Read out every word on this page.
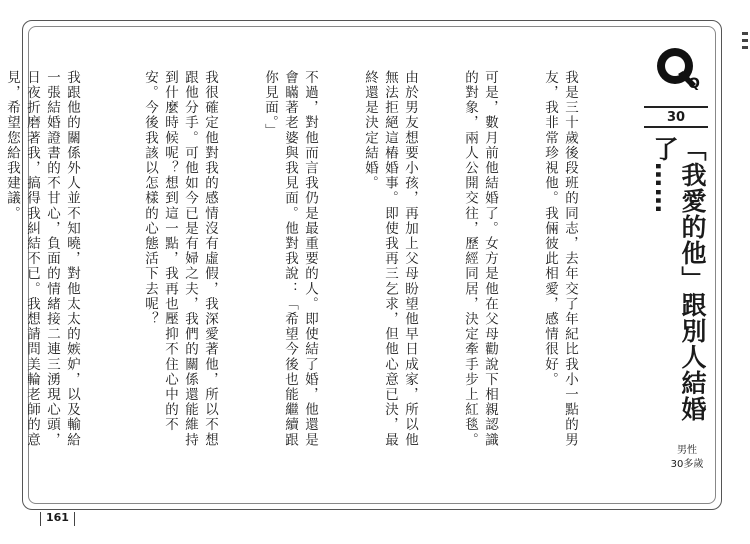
我是三十歲後段班的同志，去年交了年紀比我小一點的男友，我非常珍視他。我倆彼此相愛，感情很好。

可是，數月前他結婚了。女方是他在父母勸說下相親認識的對象，兩人公開交往，歷經同居，決定牽手步上紅毯。

由於男友想要小孩，再加上父母盼望他早日成家，所以他無法拒絕這樁婚事。即使我再三乞求，但他心意已決，最終還是決定結婚。

不過，對他而言我仍是最重要的人。即使結了婚，他還是會瞞著老婆與我見面。他對我說：「希望今後也能繼續跟你見面。」

我很確定他對我的感情沒有虛假，我深愛著他，所以不想跟他分手。可他如今已是有婦之夫，我們的關係還能維持到什麼時候呢？想到這一點，我再也壓抑不住心中的不安。今後我該以怎樣的心態活下去呢？

我跟他的關係外人並不知曉，對他太太的嫉妒，以及輸給一張結婚證書的不甘心，負面的情緒接二連三湧現心頭，日夜折磨著我，搞得我糾結不已。我想請問美輪老師的意見，希望您給我建議。

	Q
30
「我愛的他」跟別人結婚了……
男性
30多歲
161
